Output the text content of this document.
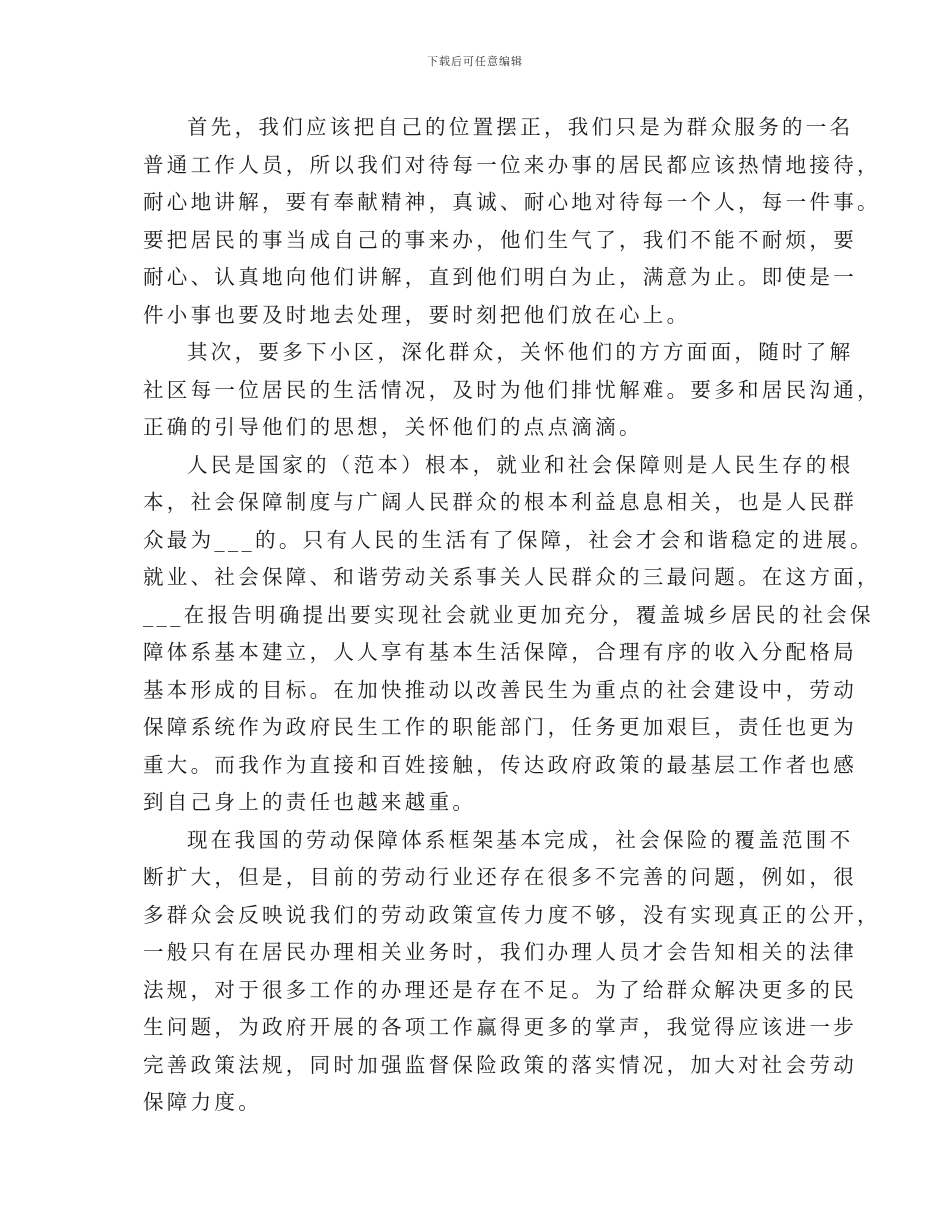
下载后可任意编辑
首先，我们应该把自己的位置摆正，我们只是为群众服务的一名
普通工作人员，所以我们对待每一位来办事的居民都应该热情地接待，
耐心地讲解，要有奉献精神，真诚、耐心地对待每一个人，每一件事。
要把居民的事当成自己的事来办，他们生气了，我们不能不耐烦，要
耐心、认真地向他们讲解，直到他们明白为止，满意为止。即使是一
件小事也要及时地去处理，要时刻把他们放在心上。
其次，要多下小区，深化群众，关怀他们的方方面面，随时了解
社区每一位居民的生活情况，及时为他们排忧解难。要多和居民沟通，
正确的引导他们的思想，关怀他们的点点滴滴。
人民是国家的（范本）根本，就业和社会保障则是人民生存的根
本，社会保障制度与广阔人民群众的根本利益息息相关，也是人民群
众最为___的。只有人民的生活有了保障，社会才会和谐稳定的进展。
就业、社会保障、和谐劳动关系事关人民群众的三最问题。在这方面，
___在报告明确提出要实现社会就业更加充分，覆盖城乡居民的社会保
障体系基本建立，人人享有基本生活保障，合理有序的收入分配格局
基本形成的目标。在加快推动以改善民生为重点的社会建设中，劳动
保障系统作为政府民生工作的职能部门，任务更加艰巨，责任也更为
重大。而我作为直接和百姓接触，传达政府政策的最基层工作者也感
到自己身上的责任也越来越重。
现在我国的劳动保障体系框架基本完成，社会保险的覆盖范围不
断扩大，但是，目前的劳动行业还存在很多不完善的问题，例如，很
多群众会反映说我们的劳动政策宣传力度不够，没有实现真正的公开，
一般只有在居民办理相关业务时，我们办理人员才会告知相关的法律
法规，对于很多工作的办理还是存在不足。为了给群众解决更多的民
生问题，为政府开展的各项工作赢得更多的掌声，我觉得应该进一步
完善政策法规，同时加强监督保险政策的落实情况，加大对社会劳动
保障力度。
